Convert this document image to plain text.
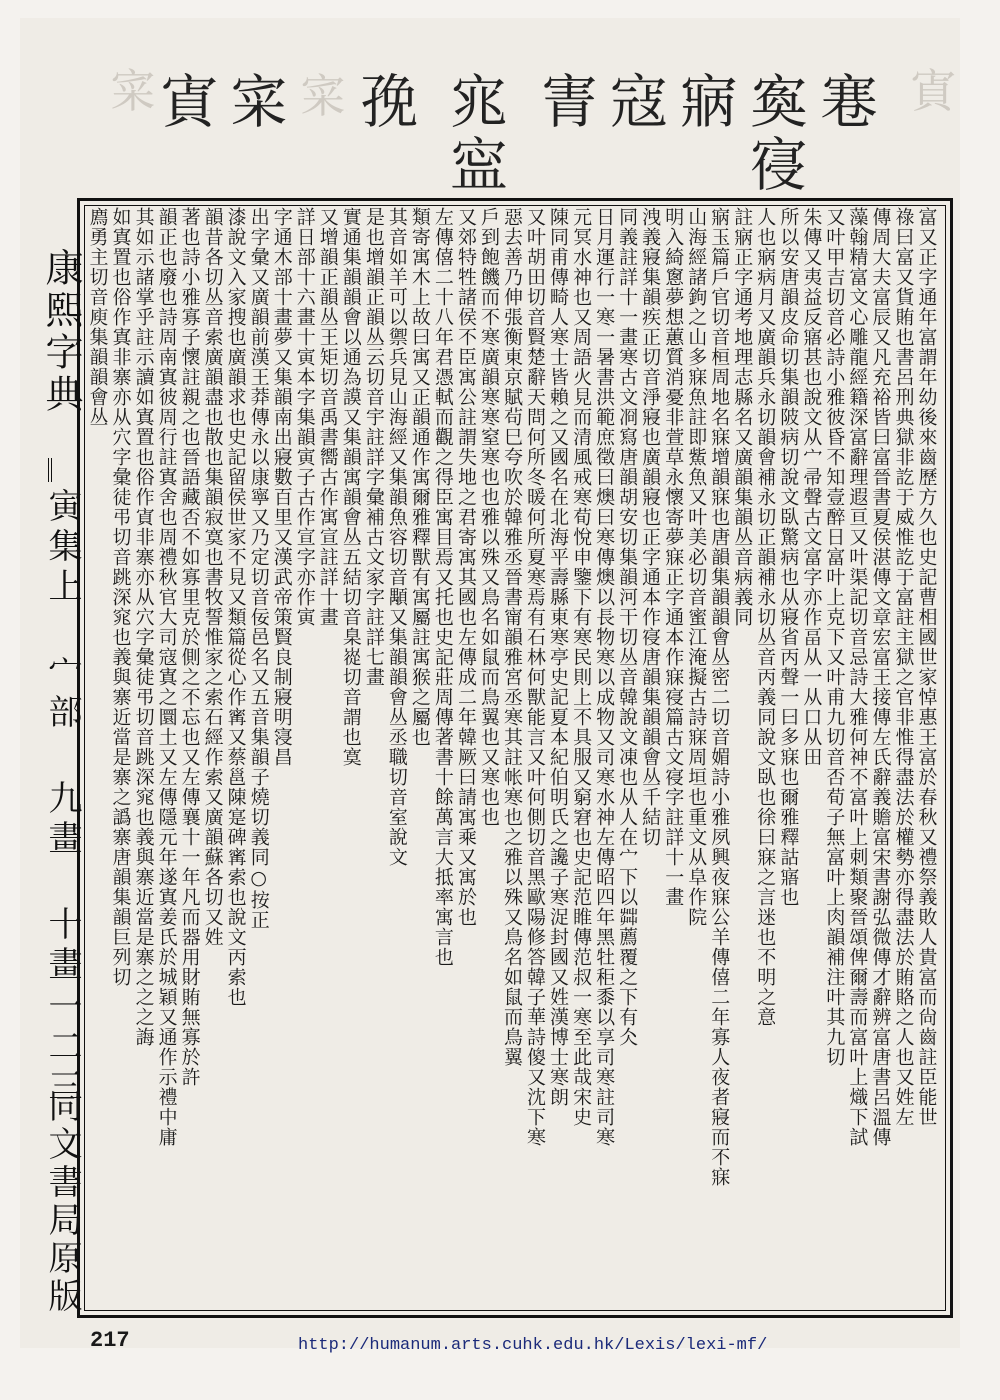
寀	寊
寊 寀 寀 㝃 宨 寈 寇 寎 寏 寋
寍	寑
康熙字典
寅集上 宀部 九畫 十畫
一二三
同文書局原版
富又正字通年富謂年幼後來齒歷方久也史記曹相國世家悼惠王富於春秋又禮祭義敗人貴富而尙齒註臣能世
祿曰富又貨賄也書呂刑典獄非訖于威惟訖于富註主獄之官非惟得盡法於權勢亦得盡法於賄賂之人也又姓左
傳周大夫富辰又凡充裕皆曰富晉書夏侯湛傳文章宏富王接傳左氏辭義贍富宋書謝弘微傳才辭辨富唐書呂溫傳
藻翰精富文心雕龍經籍深富辭理遐亘又叶渠記切音忌詩大雅何神不富叶上刺類聚晉頌俾爾壽而富叶上熾下試
又叶甲吉切音必詩小雅彼昏不知壹醉日富叶上克下又叶甫九切音否荀子無富叶上肉韻補注叶其九切
朱傳又夷益反寤甚也說文从宀帚聲古文富字亦作畐从一从口从田
所以安唐韻皮命切集韻陂病切說文臥驚病也从寢省丙聲一曰多寐也爾雅釋詁寤也
人也寎病月又廣韻兵永切韻會補永切正韻補永切丛音丙義同說文臥也徐曰寐之言迷也不明之意
註寎正字通考地理志縣名又廣韻集韻丛音病義同
寎玉篇戶官切音桓周地名寐增韻寐也唐韻集韻韻會丛密二切音媚詩小雅夙興夜寐公羊傳僖二年寡人夜者寢而不寐
山海經諸鉤之山多寐魚註即鮆魚又叶美必切音蜜江淹擬古詩寐周垣也重文从阜作院
明入綺窻夢想蕙質消憂非萱草永懷寄夢寐正字通本作寐寑篇古文寑字註詳十一畫
洩義寢集韻疾正切音淨寢也廣韻寢也正字通本作寑唐韻集韻韻會丛千結切
同義註詳十一畫寒古文㓏寫唐韻胡安切集韻河干切丛音韓說文凍也从人在宀下以茻薦覆之下有仌
日月運行一寒一暑書洪範庶徵曰燠曰寒傳燠以長物寒以成物又司寒水神左傳昭四年黑牡秬黍以享司寒註司寒
元冥水神也又周語火見而清風戒寒荀悅申鑒下有寒民則上不具服又窮窘也史記范睢傳范叔一寒至此哉宋史
陳同甫傳畸人寒士皆賴之又國名在北海平壽縣東寒亭史記夏本紀伯明氏之讒子寒浞封國又姓漢博士寒朗
又叶胡田切音賢楚辭天問何所冬暖何所夏寒焉有石林何獸能言又叶何側切音黑歐陽修答韓子華詩傻又沈下寒
惡去善乃伸張衡東京賦茍巳夸吹於韓雅丞晉書甯韻雅宮丞寒其註帐寒也之雅以殊又鳥名如鼠而鳥翼
戶到飽饑而不寒廣韻寒寒窒寒也也雅以殊又鳥名如鼠而鳥翼也又寒也也
又郊特牲諸侯不臣寓公註謂失地之君寄寓其國也左傳成二年韓厥曰請寓乘又寓於也
左傳僖二十八年君憑軾而觀之得臣寓目焉又托也史記莊周傳著書十餘萬言大抵率寓言也
類寄寓木上故曰寓又正韻通作寓爾雅釋獸有寓屬註寓猴之屬也
其音如羊可以禦兵見山海經又集韻魚容切音顒又集韻韻會丛丞職切音室說文
是也增韻正韻丛云切音宇註詳字彙補古文家字註詳七畫
實通集韻韻會以通為謨又集韻寓韻會丛五結切音臬嵸切音謂也寞
又增韻正韻丛王矩切音禹書嚮古作寓宣註詳十畫
詳日部十六畫十寅本字集韻寅子古作宣字亦作寅
字通木部十畫夢又集韻南出寢數百里又漢武帝策賢良制寢明寖昌
出字彙又廣韻前漢王莽傳永以康寧又乃定切音佞邑名又五音集韻子燒切義同○按正
漆說文入家搜也廣韻求也史記留侯世家不見又類篇從心作寗又蔡邕陳寔碑寗索也說文丙索也
韻昔各切丛音索廣韻盡也散也集韻寂寞也書牧誓惟家之索石經作索又廣韻蘇各切又姓
著也詩小雅寡子懷註親之也晉語藏否不如寡里克於側之不忘也又左傳襄十一年凡而器用財賄無寡於許
韻正也廢也詩周南寘彼周行註寘舍也周禮秋官大司寇寘之圜土又左傳隱元年遂寘姜氏於城穎又通作示禮中庸
其如示諸掌乎註示讀如寘置也俗作寊非寨亦从穴字彙徒弔切音跳深窕也義與寨近當是寨之之之誨
如寘置也俗作寘非寨亦从穴字彙徒弔切音跳深窕也義與寨近當是寨之譌寨唐韻集韻巨列切
廌勇主切音庾集韻韻會丛
217	http://humanum.arts.cuhk.edu.hk/Lexis/lexi-mf/
